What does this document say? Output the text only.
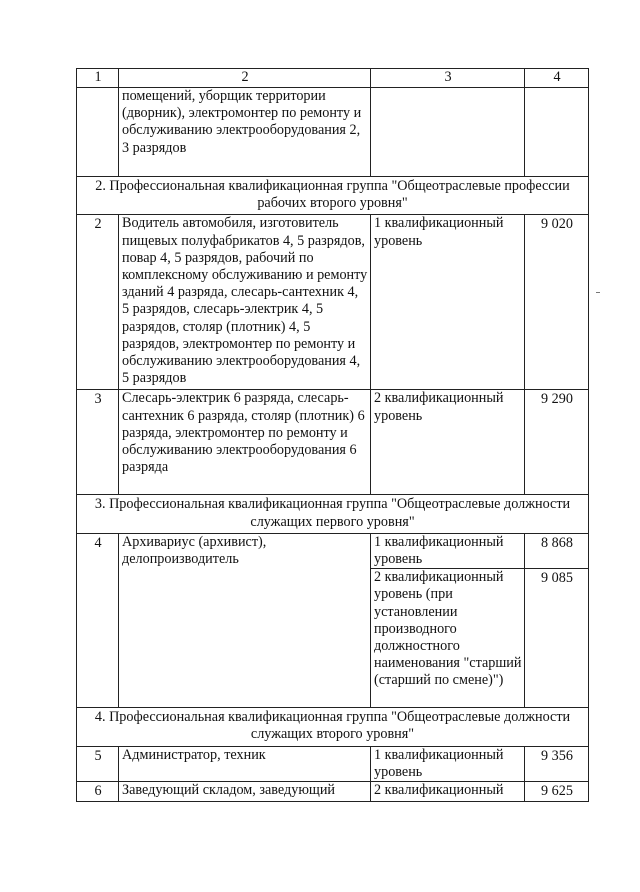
1	2	3	4
	помещений, уборщик территории (дворник), электромонтер по ремонту и обслуживанию электрооборудования 2, 3 разрядов		
2. Профессиональная квалификационная группа "Общеотраслевые профессии рабочих второго уровня"			
2	Водитель автомобиля, изготовитель пищевых полуфабрикатов 4, 5 разрядов, повар 4, 5 разрядов, рабочий по комплексному обслуживанию и ремонту зданий 4 разряда, слесарь-сантехник 4, 5 разрядов, слесарь-электрик 4, 5 разрядов, столяр (плотник) 4, 5 разрядов, электромонтер по ремонту и обслуживанию электрооборудования 4, 5 разрядов	1 квалификационный уровень	9 020
3	Слесарь-электрик 6 разряда, слесарь-сантехник 6 разряда, столяр (плотник) 6 разряда, электромонтер по ремонту и обслуживанию электрооборудования 6 разряда	2 квалификационный уровень	9 290
3. Профессиональная квалификационная группа "Общеотраслевые должности служащих первого уровня"			
4	Архивариус (архивист), делопроизводитель	1 квалификационный уровень	8 868
		2 квалификационный уровень (при установлении производного должностного наименования "старший (старший по смене)")	9 085
4. Профессиональная квалификационная группа "Общеотраслевые должности служащих второго уровня"			
5	Администратор, техник	1 квалификационный уровень	9 356
6	Заведующий складом, заведующий	2 квалификационный	9 625
